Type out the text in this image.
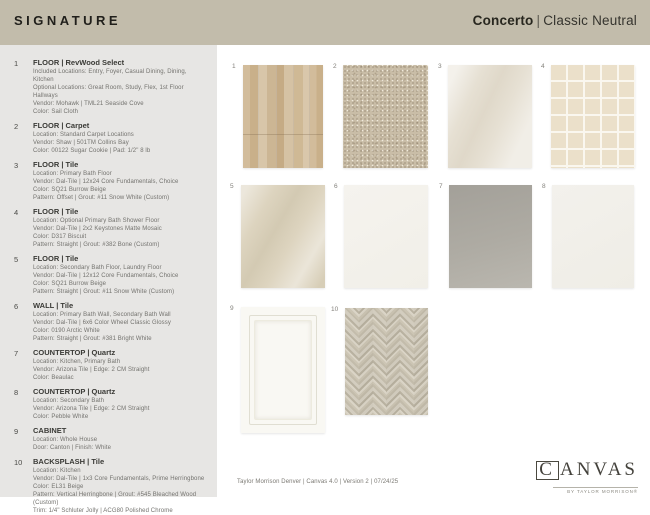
SIGNATURE	Concerto | Classic Neutral
1	FLOOR | RevWood Select
Included Locations: Entry, Foyer, Casual Dining, Dining, Kitchen
Optional Locations: Great Room, Study, Flex, 1st Floor Hallways
Vendor: Mohawk | TML21 Seaside Cove
Color: Sail Cloth
2	FLOOR | Carpet
Location: Standard Carpet Locations
Vendor: Shaw | 501TM Collins Bay
Color: 00122 Sugar Cookie | Pad: 1/2" 8 lb
3	FLOOR | Tile
Location: Primary Bath Floor
Vendor: Dal-Tile | 12x24 Core Fundamentals, Choice
Color: SQ21 Burrow Beige
Pattern: Offset | Grout: #11 Snow White (Custom)
4	FLOOR | Tile
Location: Optional Primary Bath Shower Floor
Vendor: Dal-Tile | 2x2 Keystones Matte Mosaic
Color: D317 Biscuit
Pattern: Straight | Grout: #382 Bone (Custom)
5	FLOOR | Tile
Location: Secondary Bath Floor, Laundry Floor
Vendor: Dal-Tile | 12x12 Core Fundamentals, Choice
Color: SQ21 Burrow Beige
Pattern: Straight | Grout: #11 Snow White (Custom)
6	WALL | Tile
Location: Primary Bath Wall, Secondary Bath Wall
Vendor: Dal-Tile | 6x6 Color Wheel Classic Glossy
Color: 0190 Arctic White
Pattern: Straight | Grout: #381 Bright White
7	COUNTERTOP | Quartz
Location: Kitchen, Primary Bath
Vendor: Arizona Tile | Edge: 2 CM Straight
Color: Beaulac
8	COUNTERTOP | Quartz
Location: Secondary Bath
Vendor: Arizona Tile | Edge: 2 CM Straight
Color: Pebble White
9	CABINET
Location: Whole House
Door: Canton | Finish: White
10	BACKSPLASH | Tile
Location: Kitchen
Vendor: Dal-Tile | 1x3 Core Fundamentals, Prime Herringbone
Color: EL31 Beige
Pattern: Vertical Herringbone | Grout: #545 Bleached Wood (Custom)
Trim: 1/4" Schluter Jolly | ACG80 Polished Chrome
1	2	3	4
5	6	7	8
9	10
Taylor Morrison Denver | Canvas 4.0 | Version 2 | 07/24/25
C ANVAS
BY TAYLOR MORRISON®
